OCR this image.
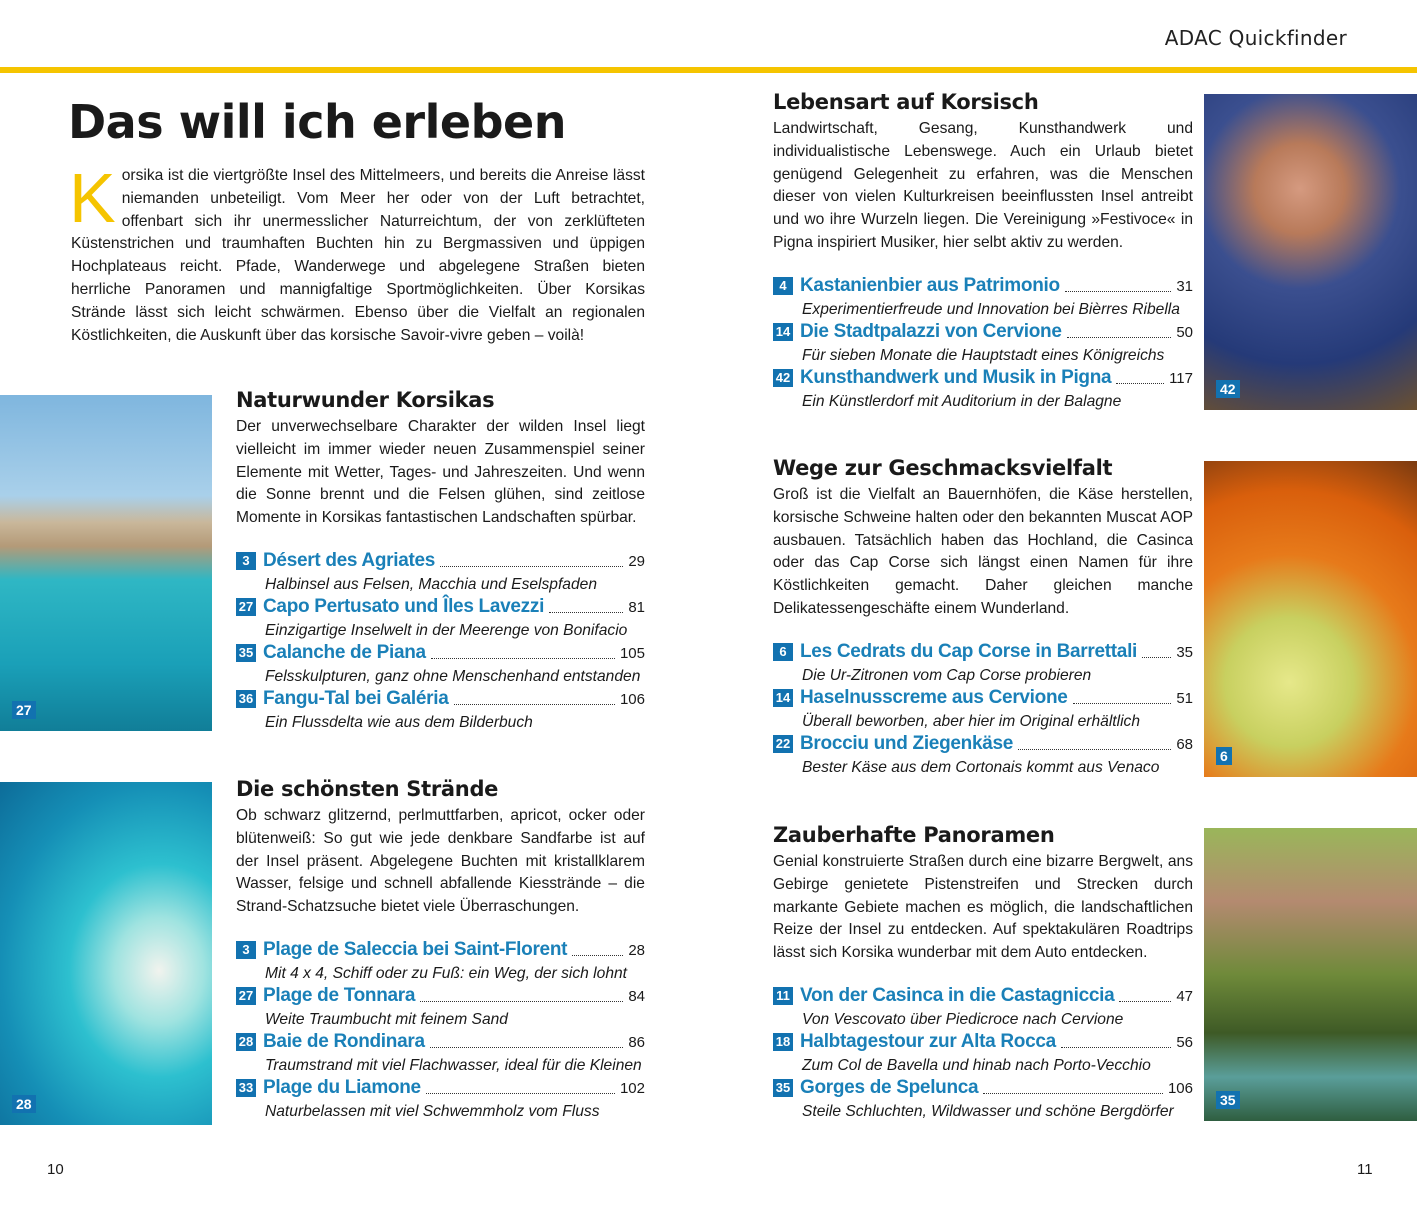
ADAC Quickfinder
Das will ich erleben
Korsika ist die viertgrößte Insel des Mittelmeers, und bereits die Anreise lässt niemanden unbeteiligt. Vom Meer her oder von der Luft betrachtet, offenbart sich ihr unermesslicher Naturreichtum, der von zerklüfteten Küstenstrichen und traumhaften Buchten hin zu Bergmassiven und üppigen Hochplateaus reicht. Pfade, Wanderwege und abgelegene Straßen bieten herrliche Panoramen und mannigfaltige Sportmöglichkeiten. Über Korsikas Strände lässt sich leicht schwärmen. Ebenso über die Vielfalt an regionalen Köstlichkeiten, die Auskunft über das korsische Savoir-vivre geben – voilà!
27
Naturwunder Korsikas

Der unverwechselbare Charakter der wilden Insel liegt vielleicht im immer wieder neuen Zusammenspiel seiner Elemente mit Wetter, Tages- und Jahreszeiten. Und wenn die Sonne brennt und die Felsen glühen, sind zeitlose Momente in Korsikas fantastischen Landschaften spürbar.

3 Désert des Agriates	29
Halbinsel aus Felsen, Macchia und Eselspfaden
27 Capo Pertusato und Îles Lavezzi	81
Einzigartige Inselwelt in der Meerenge von Bonifacio
35 Calanche de Piana	105
Felsskulpturen, ganz ohne Menschenhand entstanden
36 Fangu-Tal bei Galéria	106
Ein Flussdelta wie aus dem Bilderbuch
28
Die schönsten Strände

Ob schwarz glitzernd, perlmuttfarben, apricot, ocker oder blütenweiß: So gut wie jede denkbare Sandfarbe ist auf der Insel präsent. Abgelegene Buchten mit kristallklarem Wasser, felsige und schnell abfallende Kiesstrände – die Strand-Schatzsuche bietet viele Überraschungen.

3 Plage de Saleccia bei Saint-Florent	28
Mit 4 x 4, Schiff oder zu Fuß: ein Weg, der sich lohnt
27 Plage de Tonnara	84
Weite Traumbucht mit feinem Sand
28 Baie de Rondinara	86
Traumstrand mit viel Flachwasser, ideal für die Kleinen
33 Plage du Liamone	102
Naturbelassen mit viel Schwemmholz vom Fluss
42
Lebensart auf Korsisch

Landwirtschaft, Gesang, Kunsthandwerk und individualistische Lebenswege. Auch ein Urlaub bietet genügend Gelegenheit zu erfahren, was die Menschen dieser von vielen Kulturkreisen beeinflussten Insel antreibt und wo ihre Wurzeln liegen. Die Vereinigung »Festivoce« in Pigna inspiriert Musiker, hier selbt aktiv zu werden.

4 Kastanienbier aus Patrimonio	31
Experimentierfreude und Innovation bei Bièrres Ribella
14 Die Stadtpalazzi von Cervione	50
Für sieben Monate die Hauptstadt eines Königreichs
42 Kunsthandwerk und Musik in Pigna	117
Ein Künstlerdorf mit Auditorium in der Balagne
6
Wege zur Geschmacksvielfalt

Groß ist die Vielfalt an Bauernhöfen, die Käse herstellen, korsische Schweine halten oder den bekannten Muscat AOP ausbauen. Tatsächlich haben das Hochland, die Casinca oder das Cap Corse sich längst einen Namen für ihre Köstlichkeiten gemacht. Daher gleichen manche Delikatessengeschäfte einem Wunderland.

6 Les Cedrats du Cap Corse in Barrettali	35
Die Ur-Zitronen vom Cap Corse probieren
14 Haselnusscreme aus Cervione	51
Überall beworben, aber hier im Original erhältlich
22 Brocciu und Ziegenkäse	68
Bester Käse aus dem Cortonais kommt aus Venaco
35
Zauberhafte Panoramen

Genial konstruierte Straßen durch eine bizarre Bergwelt, ans Gebirge genietete Pistenstreifen und Strecken durch markante Gebiete machen es möglich, die landschaftlichen Reize der Insel zu entdecken. Auf spektakulären Roadtrips lässt sich Korsika wunderbar mit dem Auto entdecken.

11 Von der Casinca in die Castagniccia	47
Von Vescovato über Piedicroce nach Cervione
18 Halbtagestour zur Alta Rocca	56
Zum Col de Bavella und hinab nach Porto-Vecchio
35 Gorges de Spelunca	106
Steile Schluchten, Wildwasser und schöne Bergdörfer
10	11
